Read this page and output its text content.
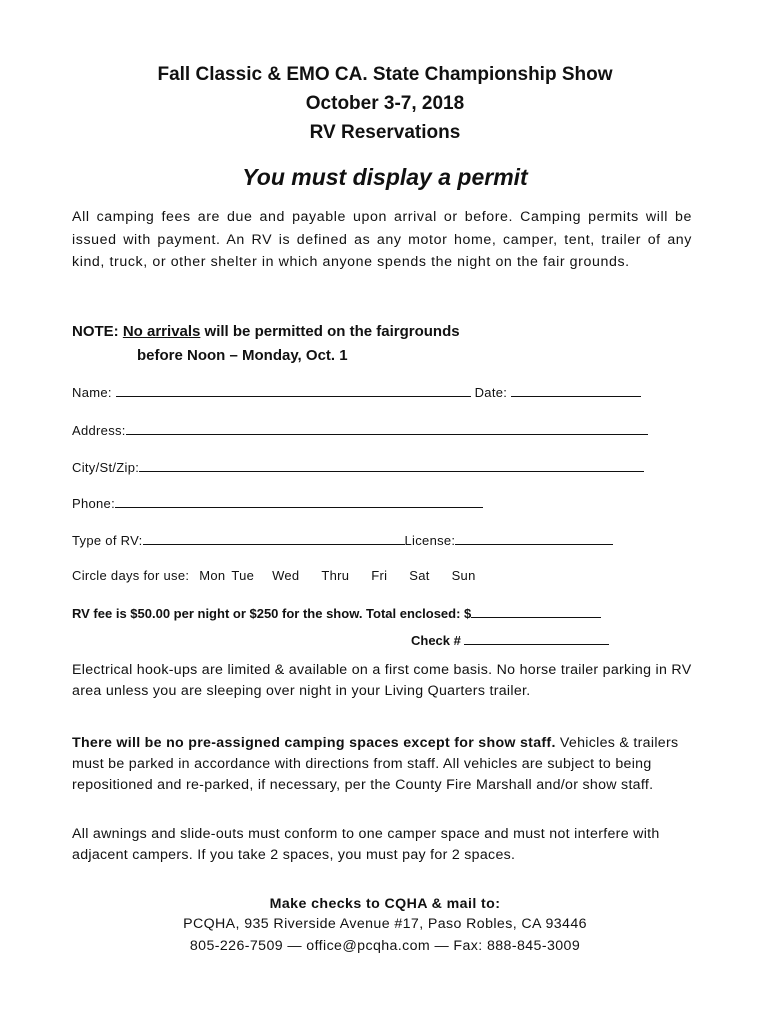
Fall Classic & EMO CA. State Championship Show
October 3-7, 2018
RV Reservations
You must display a permit
All camping fees are due and payable upon arrival or before. Camping permits will be issued with payment. An RV is defined as any motor home, camper, tent, trailer of any kind, truck, or other shelter in which anyone spends the night on the fair grounds.
NOTE: No arrivals will be permitted on the fairgrounds
before Noon – Monday, Oct. 1
Name:	Date:
Address:
City/St/Zip:
Phone:
Type of RV:	License:
Circle days for use: Mon Tue Wed Thru Fri Sat Sun
RV fee is $50.00 per night or $250 for the show. Total enclosed: $
Check #
Electrical hook-ups are limited & available on a first come basis. No horse trailer parking in RV area unless you are sleeping over night in your Living Quarters trailer.
There will be no pre-assigned camping spaces except for show staff. Vehicles & trailers must be parked in accordance with directions from staff. All vehicles are subject to being repositioned and re-parked, if necessary, per the County Fire Marshall and/or show staff.
All awnings and slide-outs must conform to one camper space and must not interfere with adjacent campers. If you take 2 spaces, you must pay for 2 spaces.
Make checks to CQHA & mail to:
PCQHA, 935 Riverside Avenue #17, Paso Robles, CA 93446
805-226-7509 — office@pcqha.com — Fax: 888-845-3009
